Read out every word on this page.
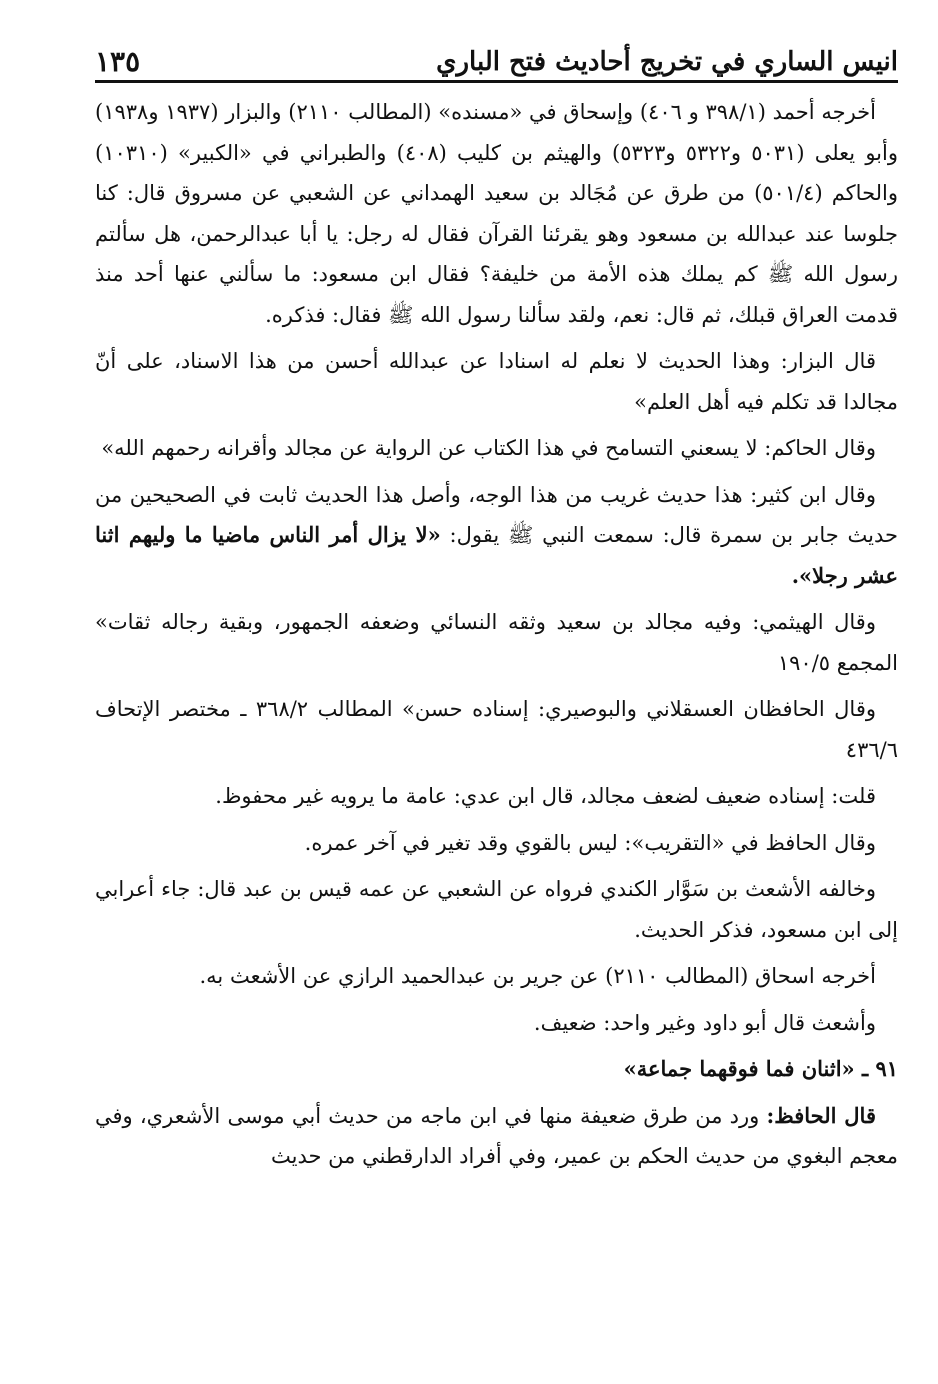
انيس الساري في تخريج أحاديث فتح الباري
١٣٥

أخرجه أحمد (٣٩٨/١ و ٤٠٦) وإسحاق في «مسنده» (المطالب ٢١١٠) والبزار (١٩٣٧ و١٩٣٨) وأبو يعلى (٥٠٣١ و٥٣٢٢ و٥٣٢٣) والهيثم بن كليب (٤٠٨) والطبراني في «الكبير» (١٠٣١٠) والحاكم (٥٠١/٤) من طرق عن مُجَالد بن سعيد الهمداني عن الشعبي عن مسروق قال: كنا جلوسا عند عبدالله بن مسعود وهو يقرئنا القرآن فقال له رجل: يا أبا عبدالرحمن، هل سألتم رسول الله ﷺ كم يملك هذه الأمة من خليفة؟ فقال ابن مسعود: ما سألني عنها أحد منذ قدمت العراق قبلك، ثم قال: نعم، ولقد سألنا رسول الله ﷺ فقال: فذكره.

قال البزار: وهذا الحديث لا نعلم له اسنادا عن عبدالله أحسن من هذا الاسناد، على أنّ مجالدا قد تكلم فيه أهل العلم»

وقال الحاكم: لا يسعني التسامح في هذا الكتاب عن الرواية عن مجالد وأقرانه رحمهم الله»

وقال ابن كثير: هذا حديث غريب من هذا الوجه، وأصل هذا الحديث ثابت في الصحيحين من حديث جابر بن سمرة قال: سمعت النبي ﷺ يقول: «لا يزال أمر الناس ماضيا ما وليهم اثنا عشر رجلا».

وقال الهيثمي: وفيه مجالد بن سعيد وثقه النسائي وضعفه الجمهور، وبقية رجاله ثقات» المجمع ١٩٠/٥

وقال الحافظان العسقلاني والبوصيري: إسناده حسن» المطالب ٣٦٨/٢ ـ مختصر الإتحاف ٤٣٦/٦

قلت: إسناده ضعيف لضعف مجالد، قال ابن عدي: عامة ما يرويه غير محفوظ.

وقال الحافظ في «التقريب»: ليس بالقوي وقد تغير في آخر عمره.

وخالفه الأشعث بن سَوَّار الكندي فرواه عن الشعبي عن عمه قيس بن عبد قال: جاء أعرابي إلى ابن مسعود، فذكر الحديث.

أخرجه اسحاق (المطالب ٢١١٠) عن جرير بن عبدالحميد الرازي عن الأشعث به.

وأشعث قال أبو داود وغير واحد: ضعيف.

٩١ ـ «اثنان فما فوقهما جماعة»

قال الحافظ: ورد من طرق ضعيفة منها في ابن ماجه من حديث أبي موسى الأشعري، وفي معجم البغوي من حديث الحكم بن عمير، وفي أفراد الدارقطني من حديث
